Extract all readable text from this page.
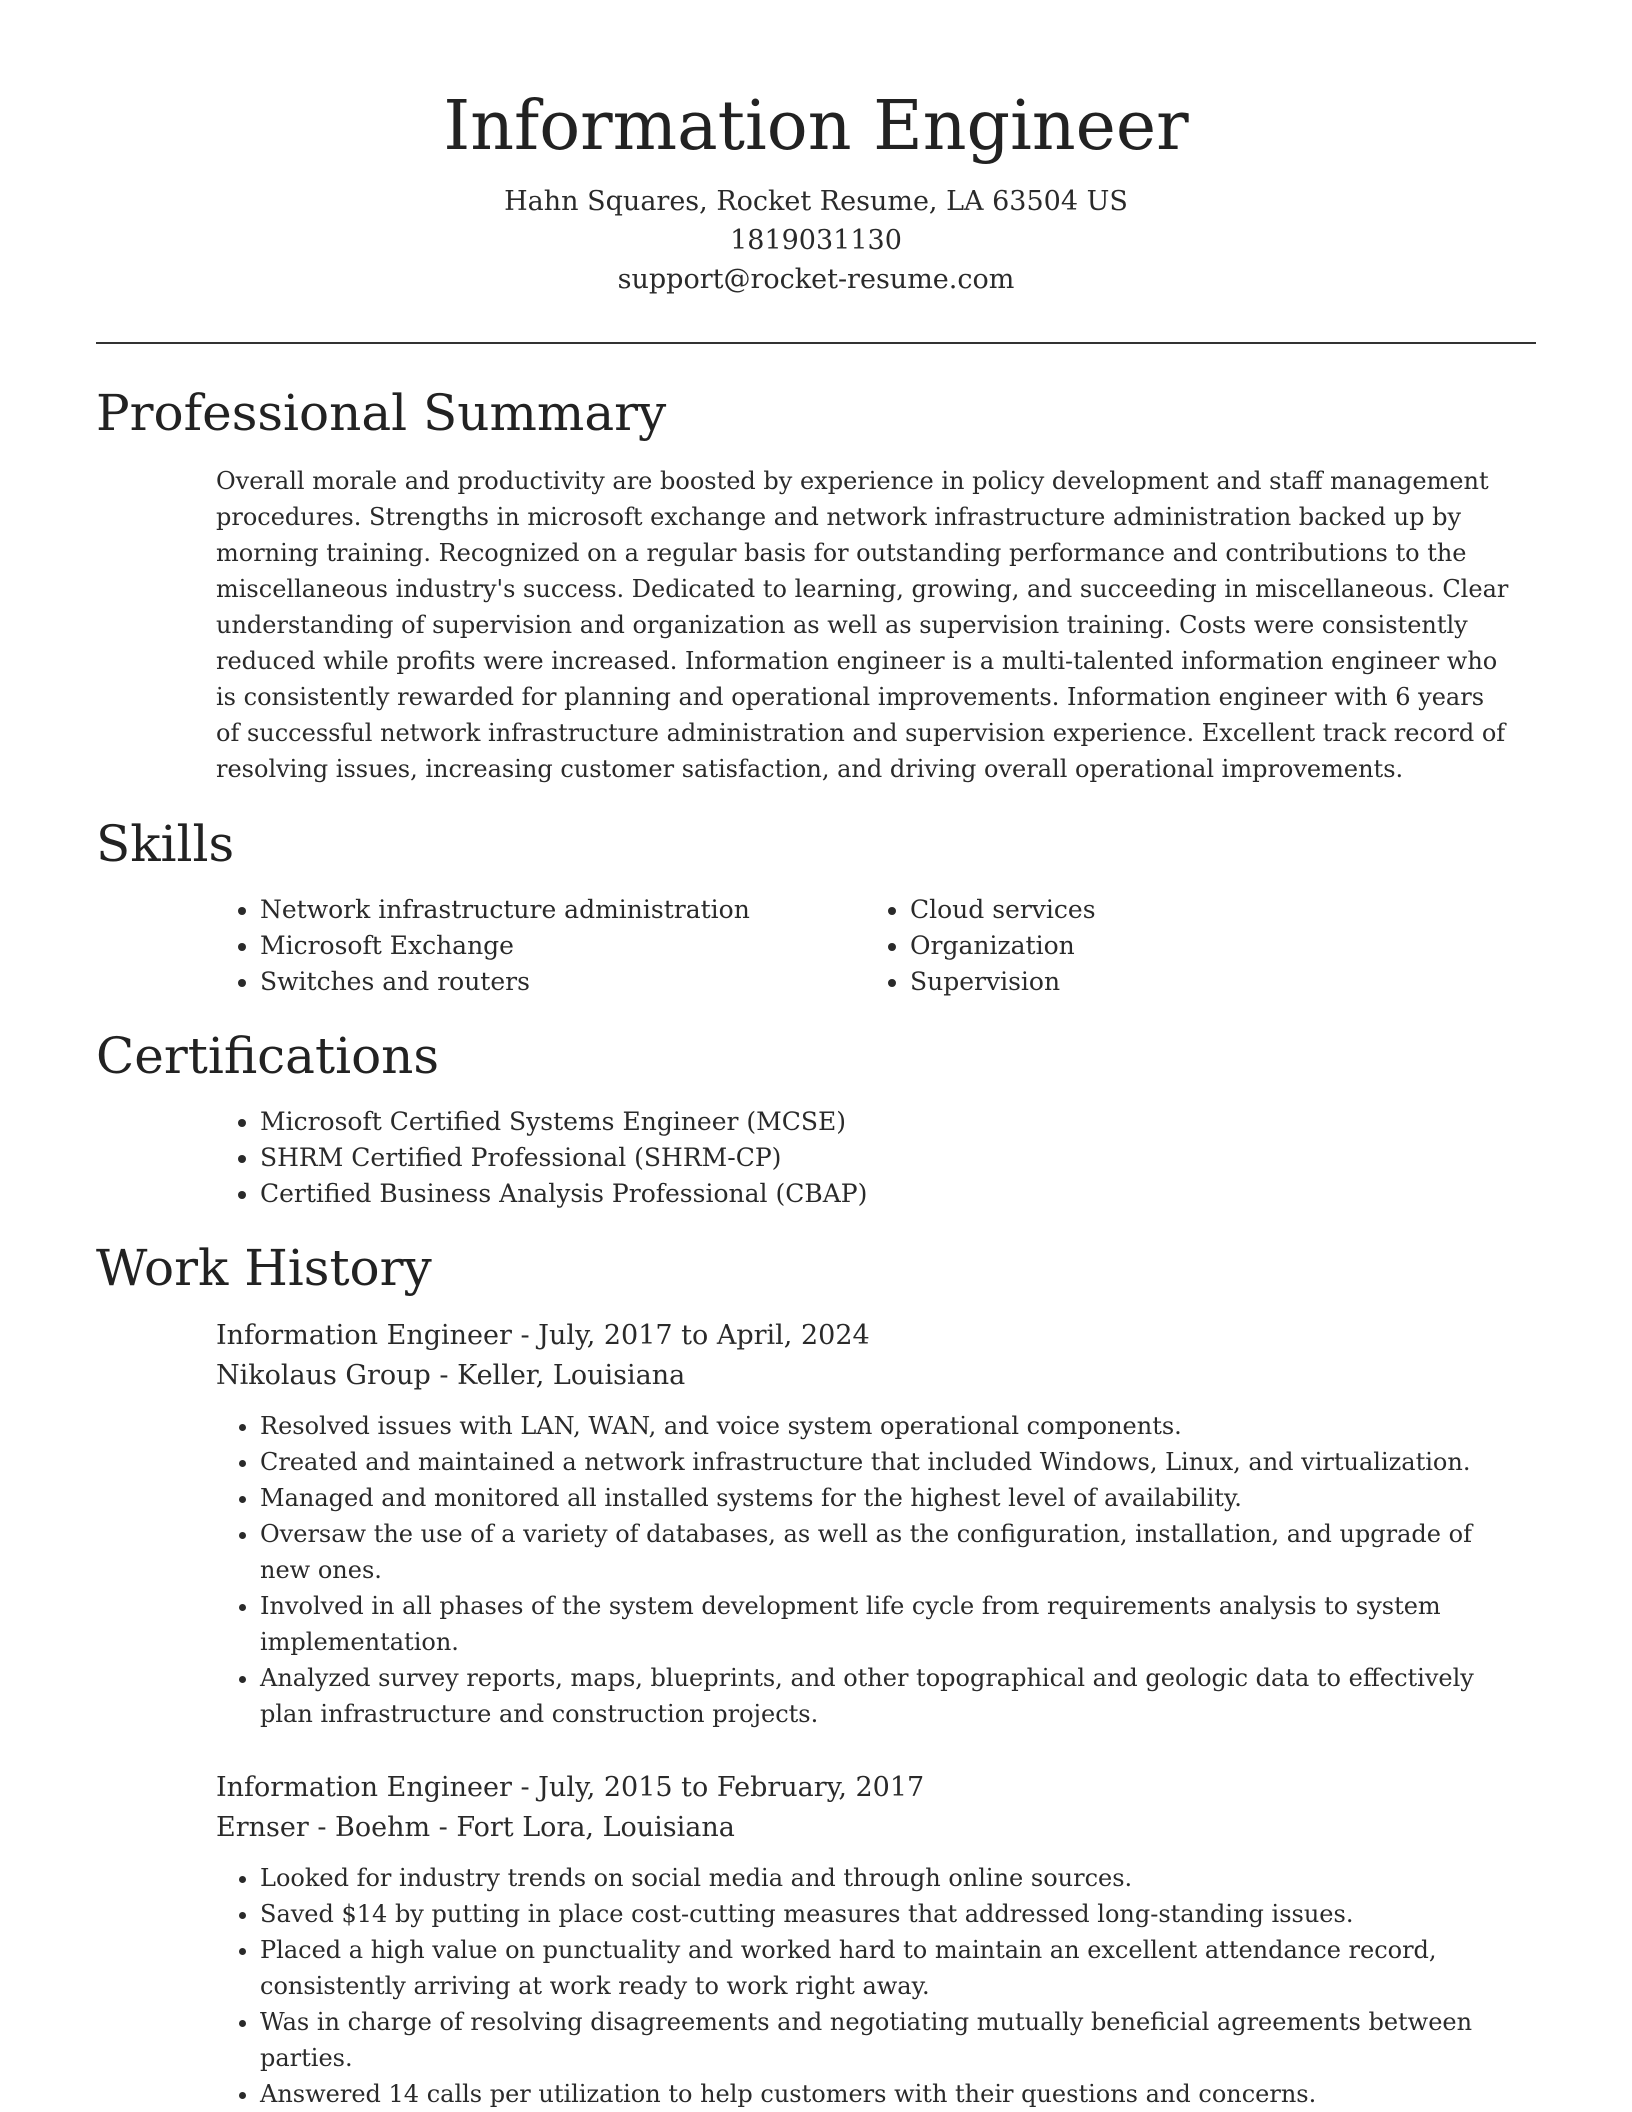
Information Engineer
Hahn Squares, Rocket Resume, LA 63504 US
1819031130
support@rocket-resume.com
Professional Summary

Overall morale and productivity are boosted by experience in policy development and staff management procedures. Strengths in microsoft exchange and network infrastructure administration backed up by morning training. Recognized on a regular basis for outstanding performance and contributions to the miscellaneous industry's success. Dedicated to learning, growing, and succeeding in miscellaneous. Clear understanding of supervision and organization as well as supervision training. Costs were consistently reduced while profits were increased. Information engineer is a multi-talented information engineer who is consistently rewarded for planning and operational improvements. Information engineer with 6 years of successful network infrastructure administration and supervision experience. Excellent track record of resolving issues, increasing customer satisfaction, and driving overall operational improvements.

Skills
• Network infrastructure administration
• Microsoft Exchange
• Switches and routers
• Cloud services
• Organization
• Supervision
Certifications
• Microsoft Certified Systems Engineer (MCSE)
• SHRM Certified Professional (SHRM-CP)
• Certified Business Analysis Professional (CBAP)
Work History
Information Engineer - July, 2017 to April, 2024
Nikolaus Group - Keller, Louisiana
• Resolved issues with LAN, WAN, and voice system operational components.
• Created and maintained a network infrastructure that included Windows, Linux, and virtualization.
• Managed and monitored all installed systems for the highest level of availability.
• Oversaw the use of a variety of databases, as well as the configuration, installation, and upgrade of new ones.
• Involved in all phases of the system development life cycle from requirements analysis to system implementation.
• Analyzed survey reports, maps, blueprints, and other topographical and geologic data to effectively plan infrastructure and construction projects.
Information Engineer - July, 2015 to February, 2017
Ernser - Boehm - Fort Lora, Louisiana
• Looked for industry trends on social media and through online sources.
• Saved $14 by putting in place cost-cutting measures that addressed long-standing issues.
• Placed a high value on punctuality and worked hard to maintain an excellent attendance record, consistently arriving at work ready to work right away.
• Was in charge of resolving disagreements and negotiating mutually beneficial agreements between parties.
• Answered 14 calls per utilization to help customers with their questions and concerns.
